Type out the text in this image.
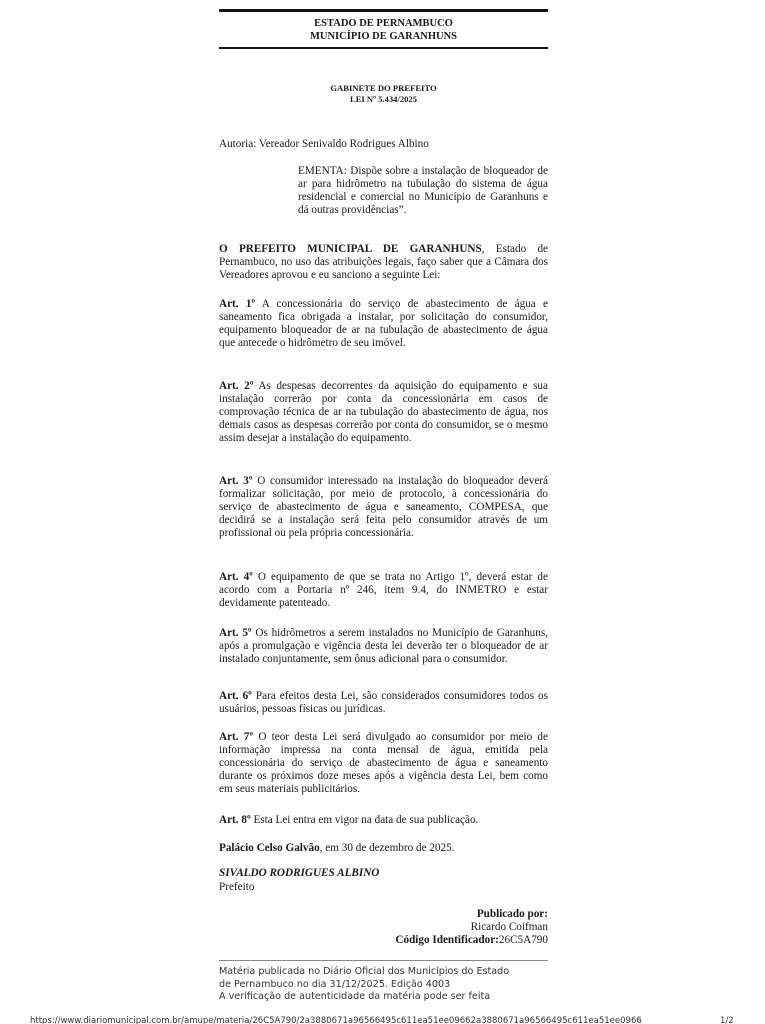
ESTADO DE PERNAMBUCO
MUNICÍPIO DE GARANHUNS
GABINETE DO PREFEITO
LEI Nº 5.434/2025
Autoria: Vereador Senivaldo Rodrigues Albino
EMENTA: Dispõe sobre a instalação de bloqueador de ar para hidrômetro na tubulação do sistema de água residencial e comercial no Município de Garanhuns e dá outras providências”.
O PREFEITO MUNICIPAL DE GARANHUNS, Estado de Pernambuco, no uso das atribuições legais, faço saber que a Câmara dos Vereadores aprovou e eu sanciono a seguinte Lei:
Art. 1º A concessionária do serviço de abastecimento de água e saneamento fica obrigada a instalar, por solicitação do consumidor, equipamento bloqueador de ar na tubulação de abastecimento de água que antecede o hidrômetro de seu imóvel.
Art. 2º As despesas decorrentes da aquisição do equipamento e sua instalação correrão por conta da concessionária em casos de comprovação técnica de ar na tubulação do abastecimento de água, nos demais casos as despesas correrão por conta do consumidor, se o mesmo assim desejar a instalação do equipamento.
Art. 3º O consumidor interessado na instalação do bloqueador deverá formalizar solicitação, por meio de protocolo, à concessionária do serviço de abastecimento de água e saneamento, COMPESA, que decidirá se a instalação será feita pelo consumidor através de um profissional ou pela própria concessionária.
Art. 4º O equipamento de que se trata no Artigo 1º, deverá estar de acordo com a Portaria nº 246, item 9.4, do INMETRO e estar devidamente patenteado.
Art. 5º Os hidrômetros a serem instalados no Município de Garanhuns, após a promulgação e vigência desta lei deverão ter o bloqueador de ar instalado conjuntamente, sem ônus adicional para o consumidor.
Art. 6º Para efeitos desta Lei, são considerados consumidores todos os usuários, pessoas físicas ou jurídicas.
Art. 7º O teor desta Lei será divulgado ao consumidor por meio de informação impressa na conta mensal de água, emitida pela concessionária do serviço de abastecimento de água e saneamento durante os próximos doze meses após a vigência desta Lei, bem como em seus materiais publicitários.
Art. 8º Esta Lei entra em vigor na data de sua publicação.
Palácio Celso Galvão, em 30 de dezembro de 2025.
SIVALDO RODRIGUES ALBINO
Prefeito
Publicado por:
Ricardo Coifman
Código Identificador:26C5A790
Matéria publicada no Diário Oficial dos Municípios do Estado
de Pernambuco no dia 31/12/2025. Edição 4003
A verificação de autenticidade da matéria pode ser feita
https://www.diariomunicipal.com.br/amupe/materia/26C5A790/2a3880671a96566495c611ea51ee09662a3880671a96566495c611ea51ee0966	1/2
